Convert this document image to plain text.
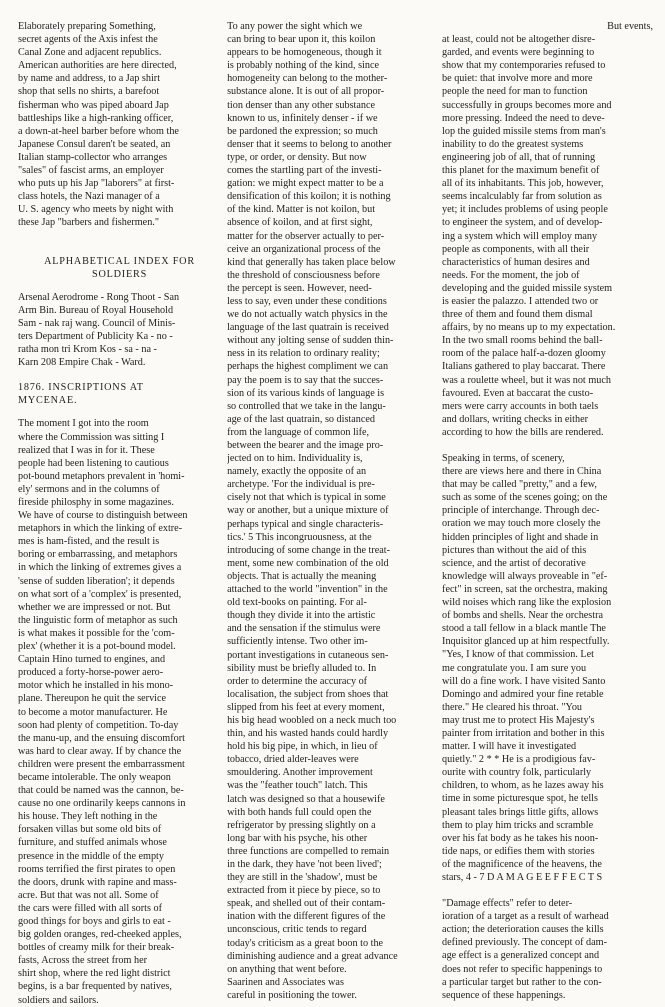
Elaborately preparing Something,
secret agents of the Axis infest the
Canal Zone and adjacent republics.
American authorities are here directed,
by name and address, to a Jap shirt
shop that sells no shirts, a barefoot
fisherman who was piped aboard Jap
battleships like a high-ranking officer,
a down-at-heel barber before whom the
Japanese Consul daren't be seated, an
Italian stamp-collector who arranges
"sales" of fascist arms, an employer
who puts up his Jap "laborers" at first-
class hotels, the Nazi manager of a
U. S. agency who meets by night with
these Jap "barbers and fishermen."

ALPHABETICAL INDEX FOR
SOLDIERS

Arsenal Aerodrome - Rong Thoot - San
Arm Bin. Bureau of Royal Household
Sam - nak raj wang. Council of Minis-
ters Department of Publicity Ka - no -
ratha mon tri Krom Kos - sa - na -
Karn 208 Empire Chak - Ward.

1876. INSCRIPTIONS AT
MYCENAE.

The moment I got into the room
where the Commission was sitting I
realized that I was in for it. These
people had been listening to cautious
pot-bound metaphors prevalent in 'homi-
ely' sermons and in the columns of
fireside philosphy in some magazines.
We have of course to distinguish between
metaphors in which the linking of extre-
mes is ham-fisted, and the result is
boring or embarrassing, and metaphors
in which the linking of extremes gives a
'sense of sudden liberation'; it depends
on what sort of a 'complex' is presented,
whether we are impressed or not. But
the linguistic form of metaphor as such
is what makes it possible for the 'com-
plex' (whether it is a pot-bound model.
Captain Hino turned to engines, and
produced a forty-horse-power aero-
motor which he installed in his mono-
plane. Thereupon he quit the service
to become a motor manufacturer. He
soon had plenty of competition. To-day
the manu-up, and the ensuing discomfort
was hard to clear away. If by chance the
children were present the embarrassment
became intolerable. The only weapon
that could be named was the cannon, be-
cause no one ordinarily keeps cannons in
his house. They left nothing in the
forsaken villas but some old bits of
furniture, and stuffed animals whose
presence in the middle of the empty
rooms terrified the first pirates to open
the doors, drunk with rapine and mass-
acre. But that was not all. Some of
the cars were filled with all sorts of
good things for boys and girls to eat -
big golden oranges, red-cheeked apples,
bottles of creamy milk for their break-
fasts, Across the street from her
shirt shop, where the red light district
begins, is a bar frequented by natives,
soldiers and sailors.

To any power the sight which we
can bring to bear upon it, this koilon
appears to be homogeneous, though it
is probably nothing of the kind, since
homogeneity can belong to the mother-
substance alone. It is out of all propor-
tion denser than any other substance
known to us, infinitely denser - if we
be pardoned the expression; so much
denser that it seems to belong to another
type, or order, or density. But now
comes the startling part of the investi-
gation: we might expect matter to be a
densification of this koilon; it is nothing
of the kind. Matter is not koilon, but
absence of koilon, and at first sight,
matter for the observer actually to per-
ceive an organizational process of the
kind that generally has taken place below
the threshold of consciousness before
the percept is seen. However, need-
less to say, even under these conditions
we do not actually watch physics in the
language of the last quatrain is received
without any jolting sense of sudden thin-
ness in its relation to ordinary reality;
perhaps the highest compliment we can
pay the poem is to say that the succes-
sion of its various kinds of language is
so controlled that we take in the langu-
age of the last quatrain, so distanced
from the language of common life,
between the bearer and the image pro-
jected on to him. Individuality is,
namely, exactly the opposite of an
archetype. 'For the individual is pre-
cisely not that which is typical in some
way or another, but a unique mixture of
perhaps typical and single characteris-
tics.' 5 This incongruousness, at the
introducing of some change in the treat-
ment, some new combination of the old
objects. That is actually the meaning
attached to the world "invention" in the
old text-books on painting. For al-
though they divide it into the artistic
and the sensation if the stimulus were
sufficiently intense. Two other im-
portant investigations in cutaneous sen-
sibility must be briefly alluded to. In
order to determine the accuracy of
localisation, the subject from shoes that
slipped from his feet at every moment,
his big head woobled on a neck much too
thin, and his wasted hands could hardly
hold his big pipe, in which, in lieu of
tobacco, dried alder-leaves were
smouldering. Another improvement
was the "feather touch" latch. This
latch was designed so that a housewife
with both hands full could open the
refrigerator by pressing slightly on a
long bar with his psyche, his other
three functions are compelled to remain
in the dark, they have 'not been lived';
they are still in the 'shadow', must be
extracted from it piece by piece, so to
speak, and shelled out of their contam-
ination with the different figures of the
unconscious, critic tends to regard
today's criticism as a great boon to the
diminishing audience and a great advance
on anything that went before.
Saarinen and Associates was
careful in positioning the tower.

But events,

at least, could not be altogether disre-
garded, and events were beginning to
show that my contemporaries refused to
be quiet: that involve more and more
people the need for man to function
successfully in groups becomes more and
more pressing. Indeed the need to deve-
lop the guided missile stems from man's
inability to do the greatest systems
engineering job of all, that of running
this planet for the maximum benefit of
all of its inhabitants. This job, however,
seems incalculably far from solution as
yet; it includes problems of using people
to engineer the system, and of develop-
ing a system which will employ many
people as components, with all their
characteristics of human desires and
needs. For the moment, the job of
developing and the guided missile system
is easier the palazzo. I attended two or
three of them and found them dismal
affairs, by no means up to my expectation.
In the two small rooms behind the ball-
room of the palace half-a-dozen gloomy
Italians gathered to play baccarat. There
was a roulette wheel, but it was not much
favoured. Even at baccarat the custo-
mers were carry accounts in both taels
and dollars, writing checks in either
according to how the bills are rendered.

Speaking in terms, of scenery,
there are views here and there in China
that may be called "pretty," and a few,
such as some of the scenes going; on the
principle of interchange. Through dec-
oration we may touch more closely the
hidden principles of light and shade in
pictures than without the aid of this
science, and the artist of decorative
knowledge will always proveable in "ef-
fect" in screen, sat the orchestra, making
wild noises which rang like the explosion
of bombs and shells. Near the orchestra
stood a tall fellow in a black mantle The
Inquisitor glanced up at him respectfully.
"Yes, I know of that commission. Let
me congratulate you. I am sure you
will do a fine work. I have visited Santo
Domingo and admired your fine retable
there." He cleared his throat. "You
may trust me to protect His Majesty's
painter from irritation and bother in this
matter. I will have it investigated
quietly." 2 * * He is a prodigious fav-
ourite with country folk, particularly
children, to whom, as he lazes away his
time in some picturesque spot, he tells
pleasant tales brings little gifts, allows
them to play him tricks and scramble
over his fat body as he takes his noon-
tide naps, or edifies them with stories
of the magnificence of the heavens, the
stars, 4 - 7 D A M A G E E F F E C T S

"Damage effects" refer to deter-
ioration of a target as a result of warhead
action; the deterioration causes the kills
defined previously. The concept of dam-
age effect is a generalized concept and
does not refer to specific happenings to
a particular target but rather to the con-
sequence of these happenings.
